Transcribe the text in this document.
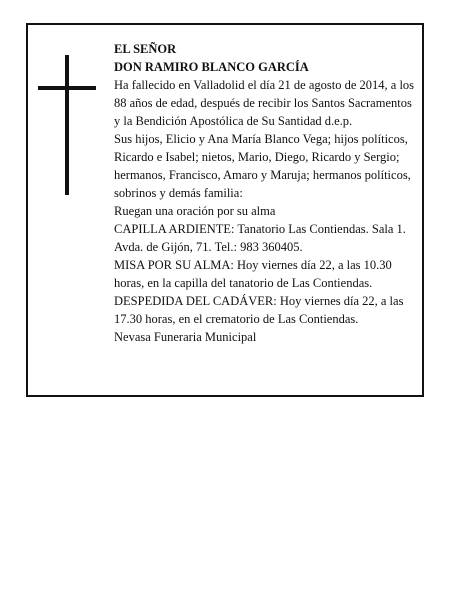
EL SEÑOR

DON RAMIRO BLANCO GARCÍA

Ha fallecido en Valladolid el día 21 de agosto de 2014, a los 88 años de edad, después de recibir los Santos Sacramentos y la Bendición Apostólica de Su Santidad d.e.p.

Sus hijos, Elicio y Ana María Blanco Vega; hijos políticos, Ricardo e Isabel; nietos, Mario, Diego, Ricardo y Sergio; hermanos, Francisco, Amaro y Maruja; hermanos políticos, sobrinos y demás familia:

Ruegan una oración por su alma

CAPILLA ARDIENTE: Tanatorio Las Contiendas. Sala 1. Avda. de Gijón, 71. Tel.: 983 360405.

MISA POR SU ALMA: Hoy viernes día 22, a las 10.30 horas, en la capilla del tanatorio de Las Contiendas.

DESPEDIDA DEL CADÁVER: Hoy viernes día 22, a las 17.30 horas, en el crematorio de Las Contiendas.

Nevasa Funeraria Municipal
